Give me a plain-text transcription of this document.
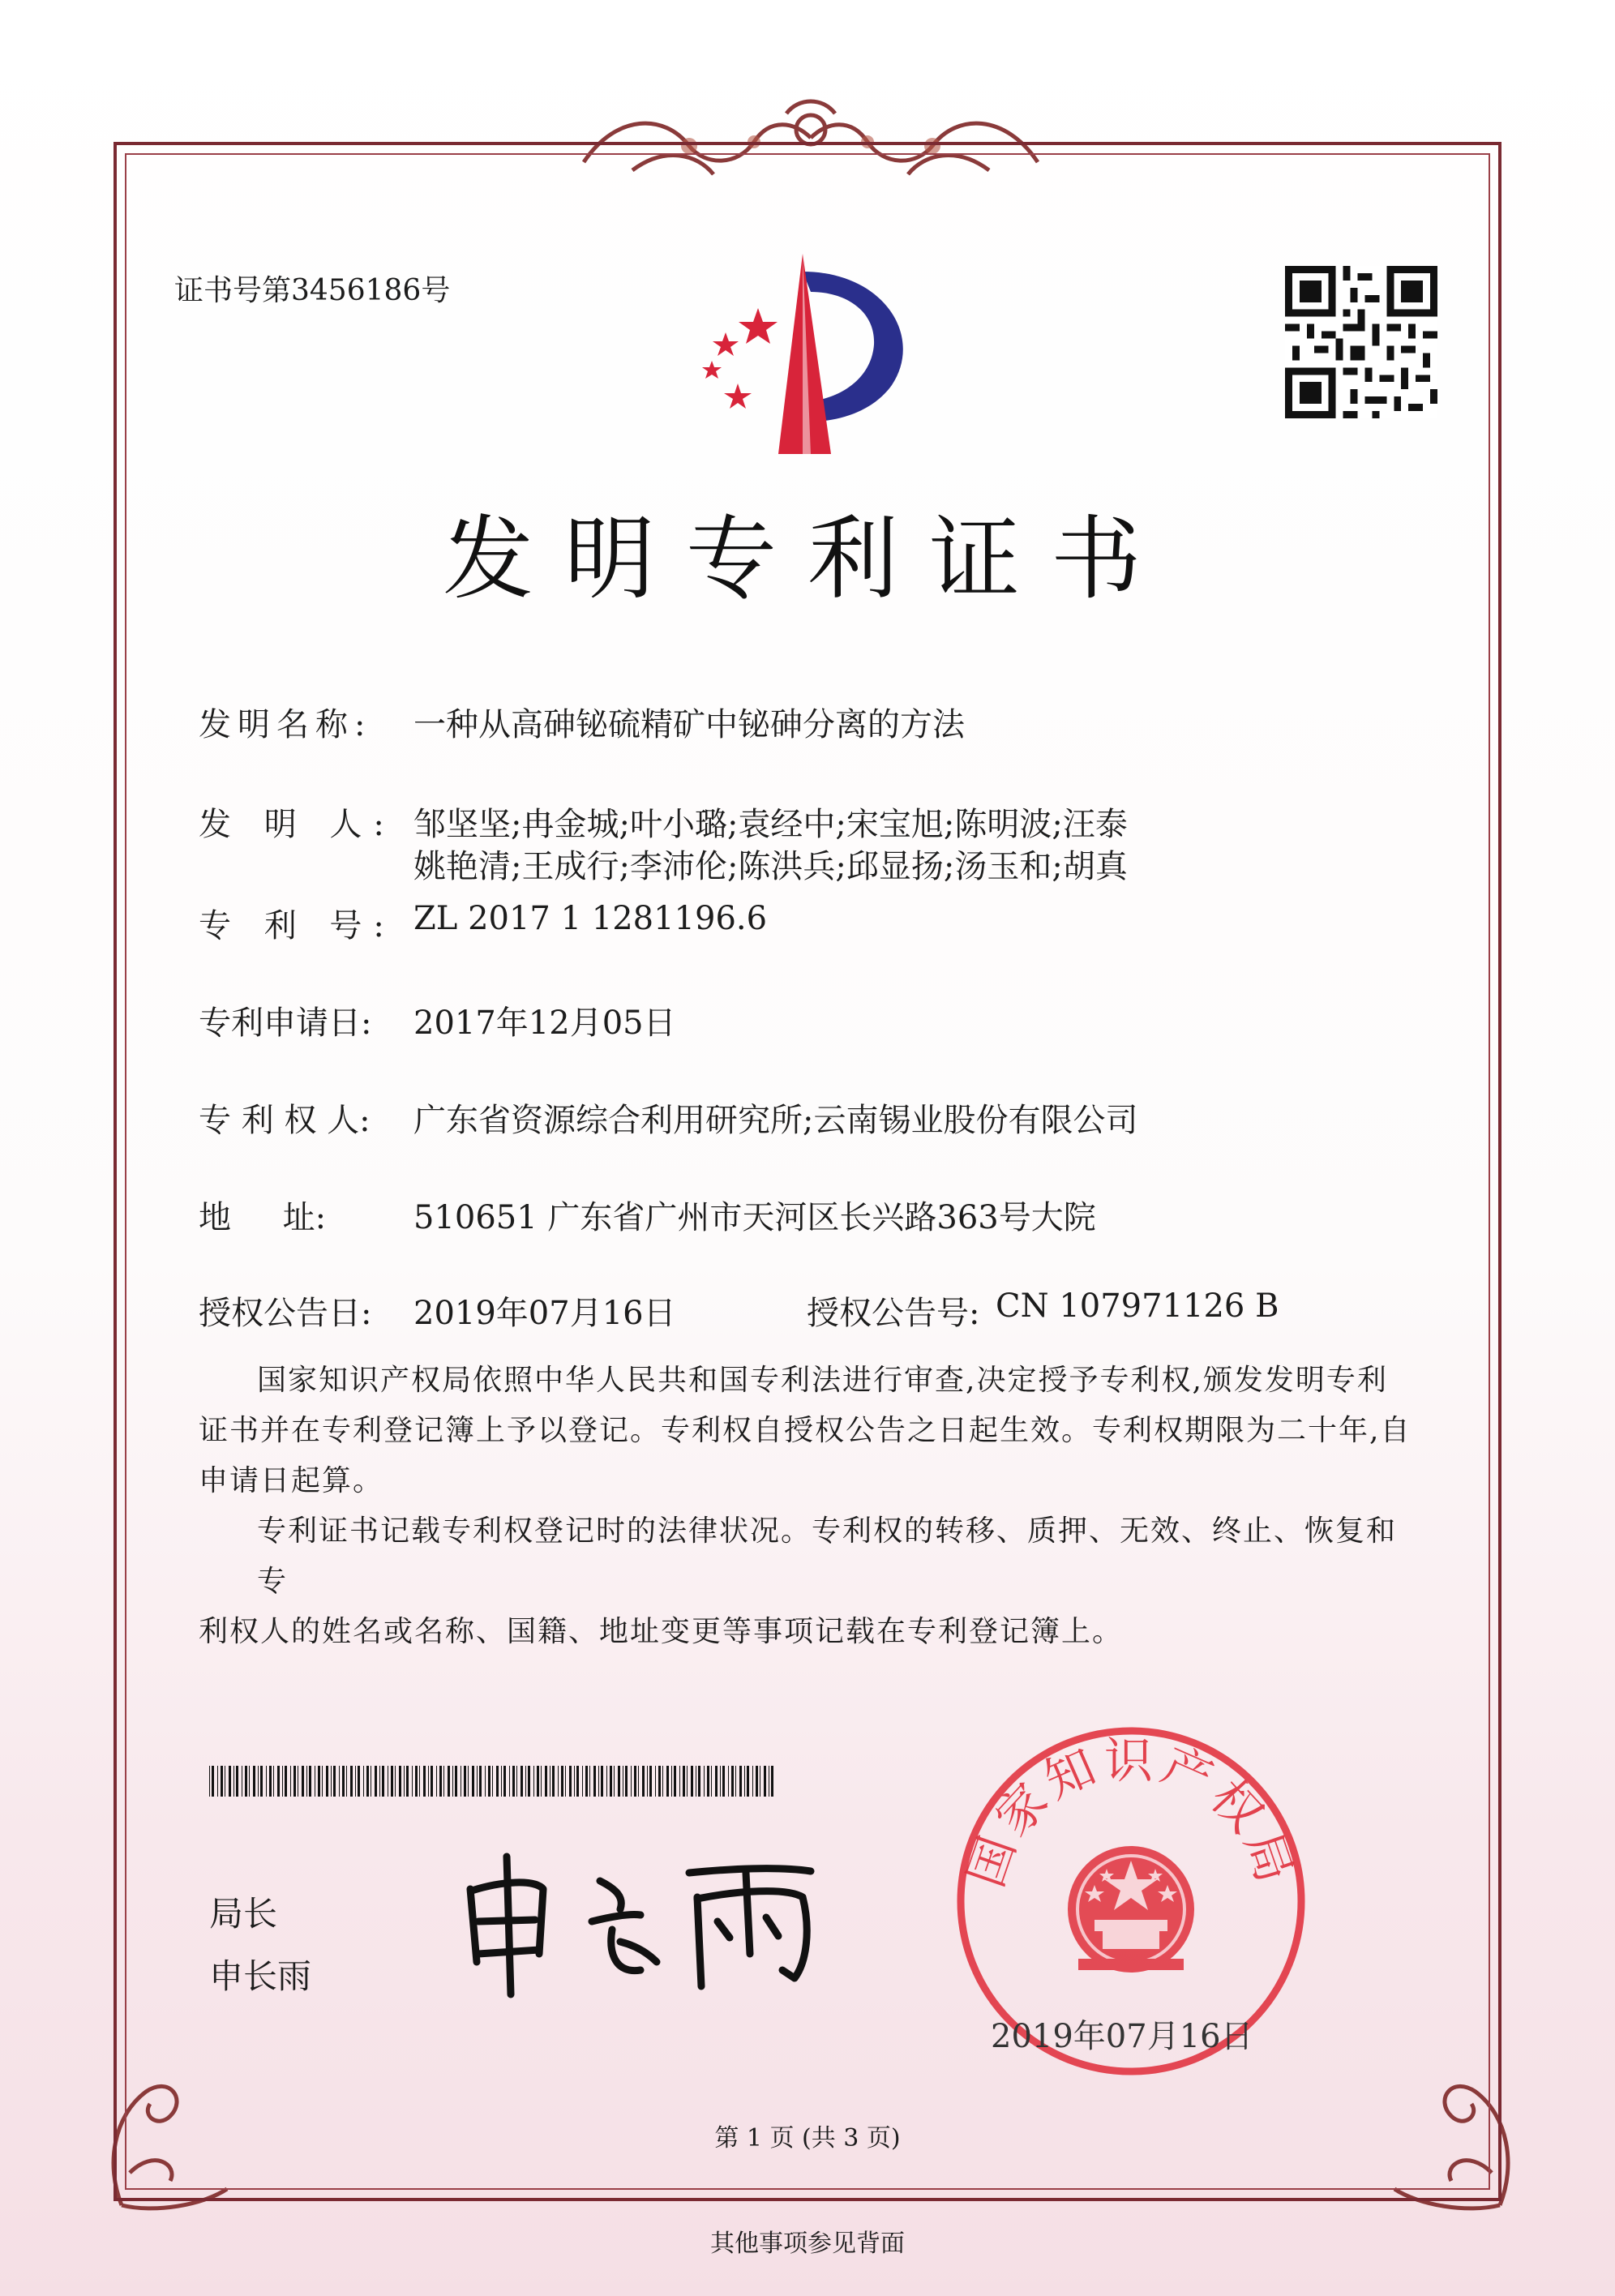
证书号第3456186号
发明专利证书
发明名称: 一种从高砷铋硫精矿中铋砷分离的方法
发 明 人: 邹坚坚;冉金城;叶小璐;袁经中;宋宝旭;陈明波;汪泰
姚艳清;王成行;李沛伦;陈洪兵;邱显扬;汤玉和;胡真
专 利 号: ZL 2017 1 1281196.6
专利申请日: 2017年12月05日
专 利 权 人: 广东省资源综合利用研究所;云南锡业股份有限公司
地     址:	510651 广东省广州市天河区长兴路363号大院
授权公告日: 2019年07月16日	授权公告号: CN 107971126 B
国家知识产权局依照中华人民共和国专利法进行审查,决定授予专利权,颁发发明专利
证书并在专利登记簿上予以登记。专利权自授权公告之日起生效。专利权期限为二十年,自
申请日起算。
专利证书记载专利权登记时的法律状况。专利权的转移、质押、无效、终止、恢复和专
利权人的姓名或名称、国籍、地址变更等事项记载在专利登记簿上。
局长
申长雨
国家知识产权局
2019年07月16日
第 1 页 (共 3 页)
其他事项参见背面
